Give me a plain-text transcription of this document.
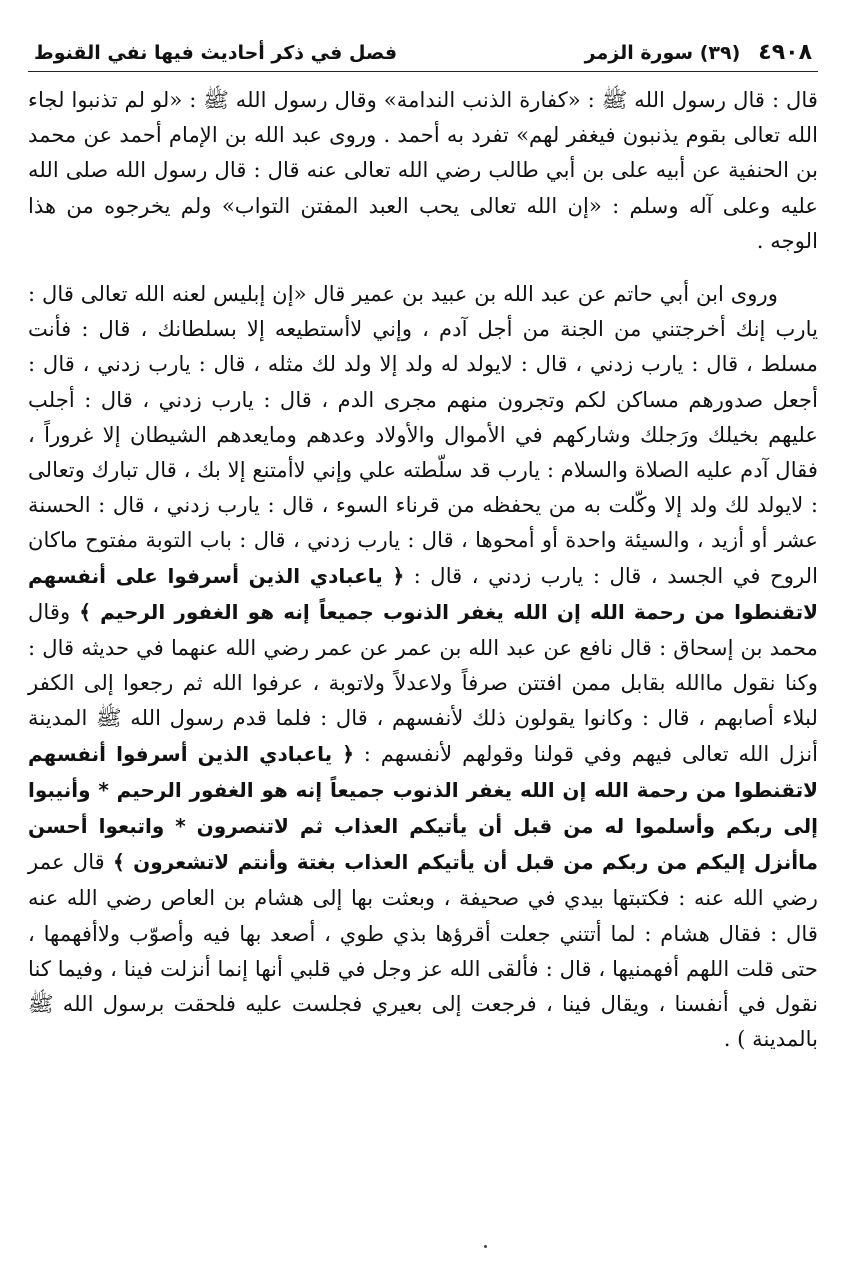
٤٩٠٨
(٣٩) سورة الزمر
فصل في ذكر أحاديث فيها نفي القنوط

قال : قال رسول الله ﷺ : «كفارة الذنب الندامة» وقال رسول الله ﷺ : «لو لم تذنبوا لجاء الله تعالى بقوم يذنبون فيغفر لهم» تفرد به أحمد . وروى عبد الله بن الإمام أحمد عن محمد بن الحنفية عن أبيه على بن أبي طالب رضي الله تعالى عنه قال : قال رسول الله صلى الله عليه وعلى آله وسلم : «إن الله تعالى يحب العبد المفتن التواب» ولم يخرجوه من هذا الوجه .

وروى ابن أبي حاتم عن عبد الله بن عبيد بن عمير قال «إن إبليس لعنه الله تعالى قال : يارب إنك أخرجتني من الجنة من أجل آدم ، وإني لاأستطيعه إلا بسلطانك ، قال : فأنت مسلط ، قال : يارب زدني ، قال : لايولد له ولد إلا ولد لك مثله ، قال : يارب زدني ، قال : أجعل صدورهم مساكن لكم وتجرون منهم مجرى الدم ، قال : يارب زدني ، قال : أجلب عليهم بخيلك ورَجلك وشاركهم في الأموال والأولاد وعدهم ومايعدهم الشيطان إلا غروراً ، فقال آدم عليه الصلاة والسلام : يارب قد سلّطته علي وإني لاأمتنع إلا بك ، قال تبارك وتعالى : لايولد لك ولد إلا وكّلت به من يحفظه من قرناء السوء ، قال : يارب زدني ، قال : الحسنة عشر أو أزيد ، والسيئة واحدة أو أمحوها ، قال : يارب زدني ، قال : باب التوبة مفتوح ماكان الروح في الجسد ، قال : يارب زدني ، قال : ﴿ ياعبادي الذين أسرفوا على أنفسهم لاتقنطوا من رحمة الله إن الله يغفر الذنوب جميعاً إنه هو الغفور الرحيم ﴾ وقال محمد بن إسحاق : قال نافع عن عبد الله بن عمر عن عمر رضي الله عنهما في حديثه قال : وكنا نقول ماالله بقابل ممن افتتن صرفاً ولاعدلاً ولاتوبة ، عرفوا الله ثم رجعوا إلى الكفر لبلاء أصابهم ، قال : وكانوا يقولون ذلك لأنفسهم ، قال : فلما قدم رسول الله ﷺ المدينة أنزل الله تعالى فيهم وفي قولنا وقولهم لأنفسهم : ﴿ ياعبادي الذين أسرفوا أنفسهم لاتقنطوا من رحمة الله إن الله يغفر الذنوب جميعاً إنه هو الغفور الرحيم * وأنيبوا إلى ربكم وأسلموا له من قبل أن يأتيكم العذاب ثم لاتنصرون * واتبعوا أحسن ماأنزل إليكم من ربكم من قبل أن يأتيكم العذاب بغتة وأنتم لاتشعرون ﴾ قال عمر رضي الله عنه : فكتبتها بيدي في صحيفة ، وبعثت بها إلى هشام بن العاص رضي الله عنه قال : فقال هشام : لما أتتني جعلت أقرؤها بذي طوي ، أصعد بها فيه وأصوّب ولاأفهمها ، حتى قلت اللهم أفهمنيها ، قال : فألقى الله عز وجل في قلبي أنها إنما أنزلت فينا ، وفيما كنا نقول في أنفسنا ، ويقال فينا ، فرجعت إلى بعيري فجلست عليه فلحقت برسول الله ﷺ بالمدينة ) .
